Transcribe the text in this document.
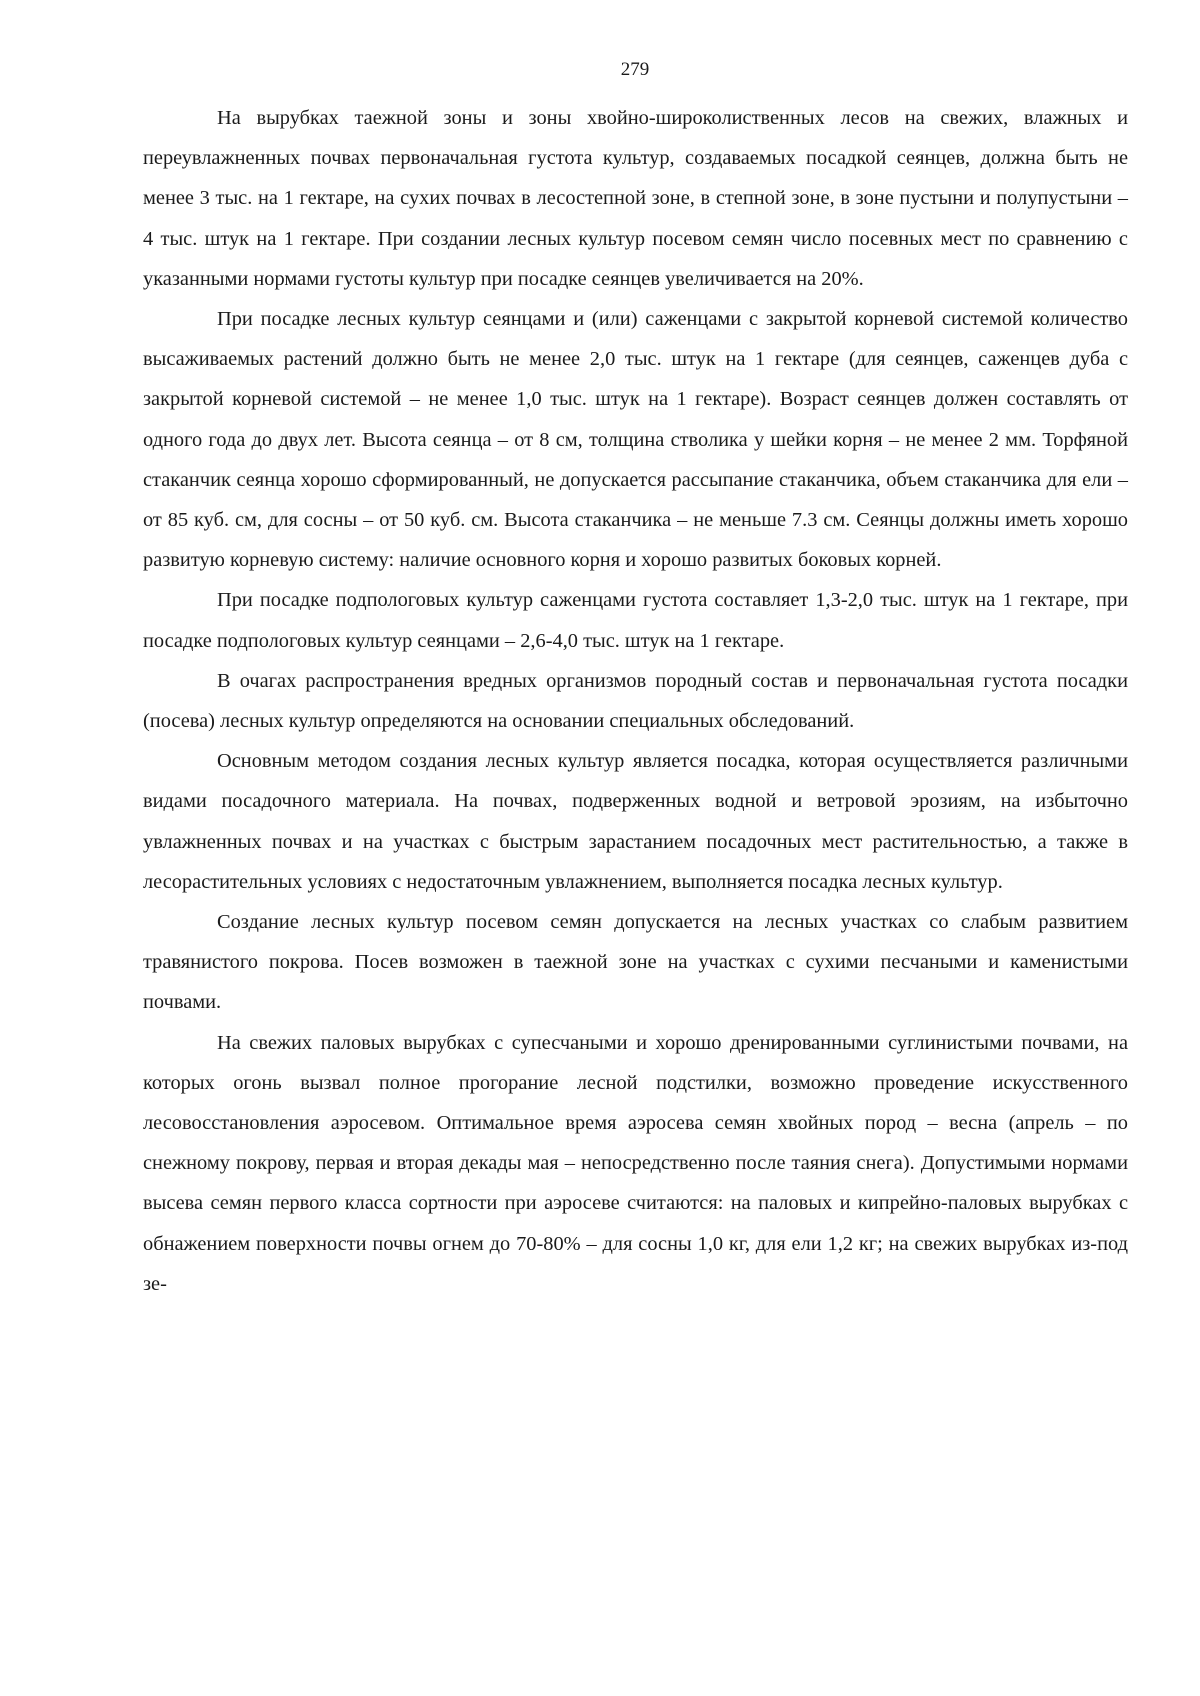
279

На вырубках таежной зоны и зоны хвойно-широколиственных лесов на свежих, влажных и переувлажненных почвах первоначальная густота культур, создаваемых посадкой сеянцев, должна быть не менее 3 тыс. на 1 гектаре, на сухих почвах в лесостепной зоне, в степной зоне, в зоне пустыни и полупустыни – 4 тыс. штук на 1 гектаре. При создании лесных культур посевом семян число посевных мест по сравнению с указанными нормами густоты культур при посадке сеянцев увеличивается на 20%.

При посадке лесных культур сеянцами и (или) саженцами с закрытой корневой системой количество высаживаемых растений должно быть не менее 2,0 тыс. штук на 1 гектаре (для сеянцев, саженцев дуба с закрытой корневой системой – не менее 1,0 тыс. штук на 1 гектаре). Возраст сеянцев должен составлять от одного года до двух лет. Высота сеянца – от 8 см, толщина стволика у шейки корня – не менее 2 мм. Торфяной стаканчик сеянца хорошо сформированный, не допускается рассыпание стаканчика, объем стаканчика для ели – от 85 куб. см, для сосны – от 50 куб. см. Высота стаканчика – не меньше 7.3 см. Сеянцы должны иметь хорошо развитую корневую систему: наличие основного корня и хорошо развитых боковых корней.

При посадке подпологовых культур саженцами густота составляет 1,3-2,0 тыс. штук на 1 гектаре, при посадке подпологовых культур сеянцами – 2,6-4,0 тыс. штук на 1 гектаре.

В очагах распространения вредных организмов породный состав и первоначальная густота посадки (посева) лесных культур определяются на основании специальных обследований.

Основным методом создания лесных культур является посадка, которая осуществляется различными видами посадочного материала. На почвах, подверженных водной и ветровой эрозиям, на избыточно увлажненных почвах и на участках с быстрым зарастанием посадочных мест растительностью, а также в лесорастительных условиях с недостаточным увлажнением, выполняется посадка лесных культур.

Создание лесных культур посевом семян допускается на лесных участках со слабым развитием травянистого покрова. Посев возможен в таежной зоне на участках с сухими песчаными и каменистыми почвами.

На свежих паловых вырубках с супесчаными и хорошо дренированными суглинистыми почвами, на которых огонь вызвал полное прогорание лесной подстилки, возможно проведение искусственного лесовосстановления аэросевом. Оптимальное время аэросева семян хвойных пород – весна (апрель – по снежному покрову, первая и вторая декады мая – непосредственно после таяния снега). Допустимыми нормами высева семян первого класса сортности при аэросеве считаются: на паловых и кипрейно-паловых вырубках с обнажением поверхности почвы огнем до 70-80% – для сосны 1,0 кг, для ели 1,2 кг; на свежих вырубках из-под зе-
